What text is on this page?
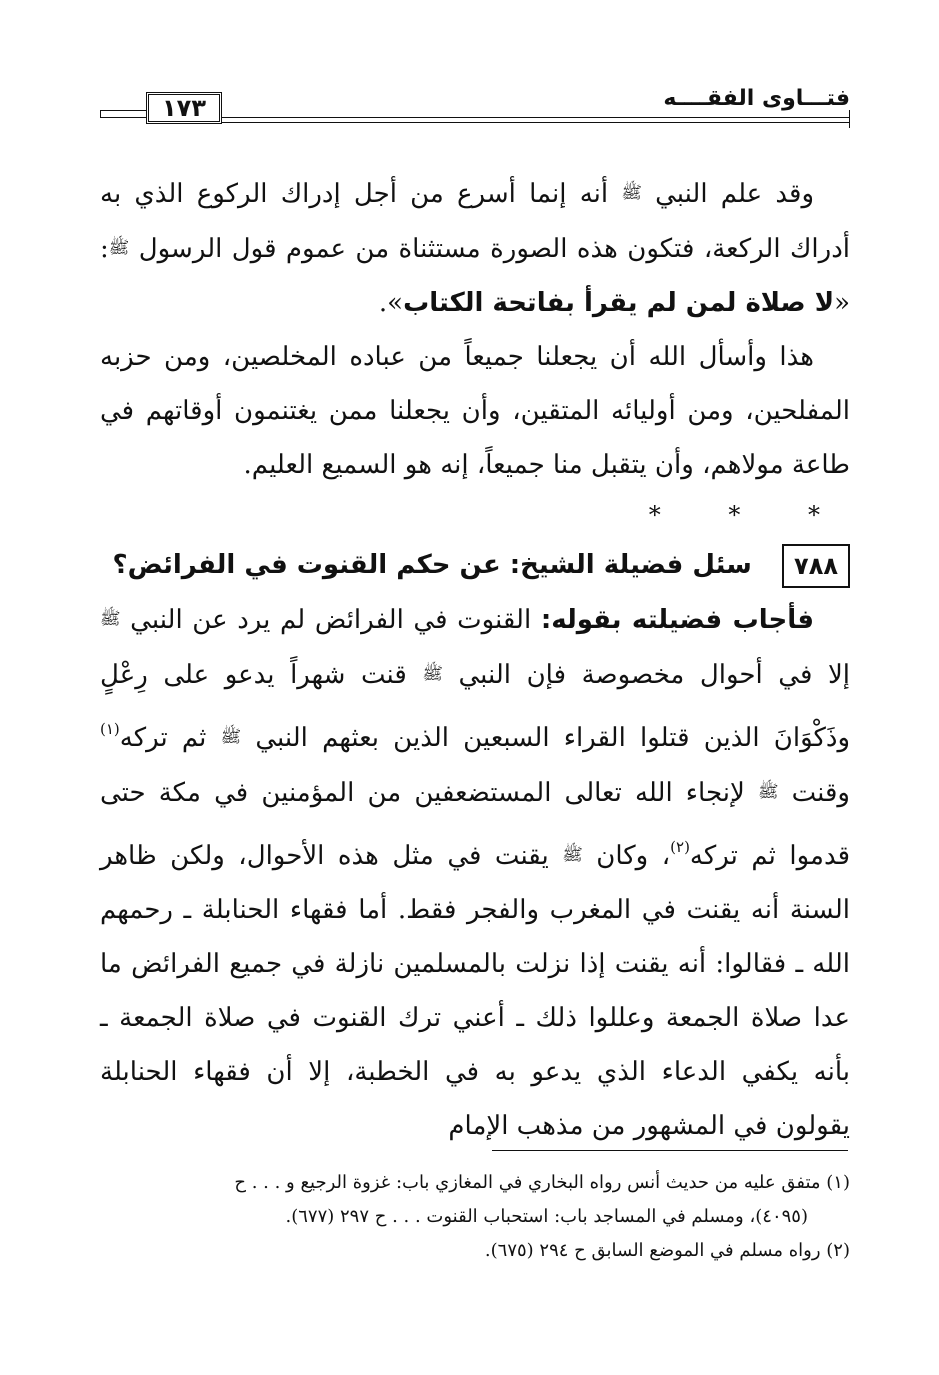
١٧٣	فتـــاوى الفقــــه

وقد علم النبي ﷺ أنه إنما أسرع من أجل إدراك الركوع الذي به أدراك الركعة، فتكون هذه الصورة مستثناة من عموم قول الرسول ﷺ: «لا صلاة لمن لم يقرأ بفاتحة الكتاب».

هذا وأسأل الله أن يجعلنا جميعاً من عباده المخلصين، ومن حزبه المفلحين، ومن أوليائه المتقين، وأن يجعلنا ممن يغتنمون أوقاتهم في طاعة مولاهم، وأن يتقبل منا جميعاً، إنه هو السميع العليم.

* * *

٧٨٨ سئل فضيلة الشيخ: عن حكم القنوت في الفرائض؟

فأجاب فضيلته بقوله: القنوت في الفرائض لم يرد عن النبي ﷺ إلا في أحوال مخصوصة فإن النبي ﷺ قنت شهراً يدعو على رِعْلٍ وذَكْوَانَ الذين قتلوا القراء السبعين الذين بعثهم النبي ﷺ ثم تركه$^{(١)}$ وقنت ﷺ لإنجاء الله تعالى المستضعفين من المؤمنين في مكة حتى قدموا ثم تركه$^{(٢)}$، وكان ﷺ يقنت في مثل هذه الأحوال، ولكن ظاهر السنة أنه يقنت في المغرب والفجر فقط. أما فقهاء الحنابلة ـ رحمهم الله ـ فقالوا: أنه يقنت إذا نزلت بالمسلمين نازلة في جميع الفرائض ما عدا صلاة الجمعة وعللوا ذلك ـ أعني ترك القنوت في صلاة الجمعة ـ بأنه يكفي الدعاء الذي يدعو به في الخطبة، إلا أن فقهاء الحنابلة يقولون في المشهور من مذهب الإمام

(١) متفق عليه من حديث أنس رواه البخاري في المغازي باب: غزوة الرجيع و . . . ح

(٤٠٩٥)، ومسلم في المساجد باب: استحباب القنوت . . . ح ٢٩٧ (٦٧٧).

(٢) رواه مسلم في الموضع السابق ح ٢٩٤ (٦٧٥).
